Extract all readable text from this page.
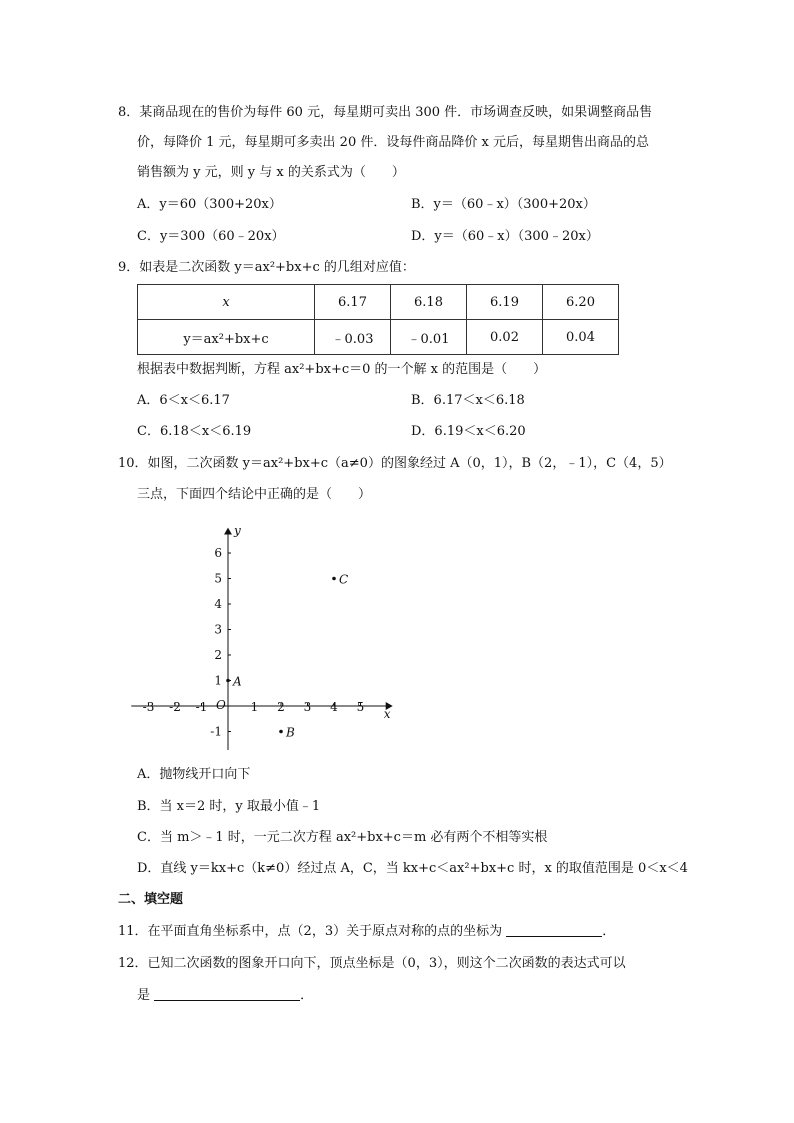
8．某商品现在的售价为每件 60 元，每星期可卖出 300 件．市场调查反映，如果调整商品售
价，每降价 1 元，每星期可多卖出 20 件．设每件商品降价 x 元后，每星期售出商品的总
销售额为 y 元，则 y 与 x 的关系式为（　　）
A．y＝60（300+20x）	B．y＝（60﹣x）（300+20x）
C．y＝300（60﹣20x）	D．y＝（60﹣x）（300﹣20x）
9．如表是二次函数 y＝ax²+bx+c 的几组对应值：
x	6.17	6.18	6.19	6.20
y＝ax²+bx+c	﹣0.03	﹣0.01	0.02	0.04
根据表中数据判断，方程 ax²+bx+c＝0 的一个解 x 的范围是（　　）
A．6＜x＜6.17	B．6.17＜x＜6.18
C．6.18＜x＜6.19	D．6.19＜x＜6.20
10．如图，二次函数 y＝ax²+bx+c（a≠0）的图象经过 A（0，1），B（2，﹣1），C（4，5）
三点，下面四个结论中正确的是（　　）
-3 -2 -1	1 2 3 4 5
6
5
4
3
2
1
-1
x
y
O
A
B
C
A．抛物线开口向下
B．当 x＝2 时，y 取最小值﹣1
C．当 m＞﹣1 时，一元二次方程 ax²+bx+c＝m 必有两个不相等实根
D．直线 y＝kx+c（k≠0）经过点 A，C，当 kx+c＜ax²+bx+c 时，x 的取值范围是 0＜x＜4
二、填空题
11．在平面直角坐标系中，点（2，3）关于原点对称的点的坐标为	．
12．已知二次函数的图象开口向下，顶点坐标是（0，3），则这个二次函数的表达式可以
是	．
